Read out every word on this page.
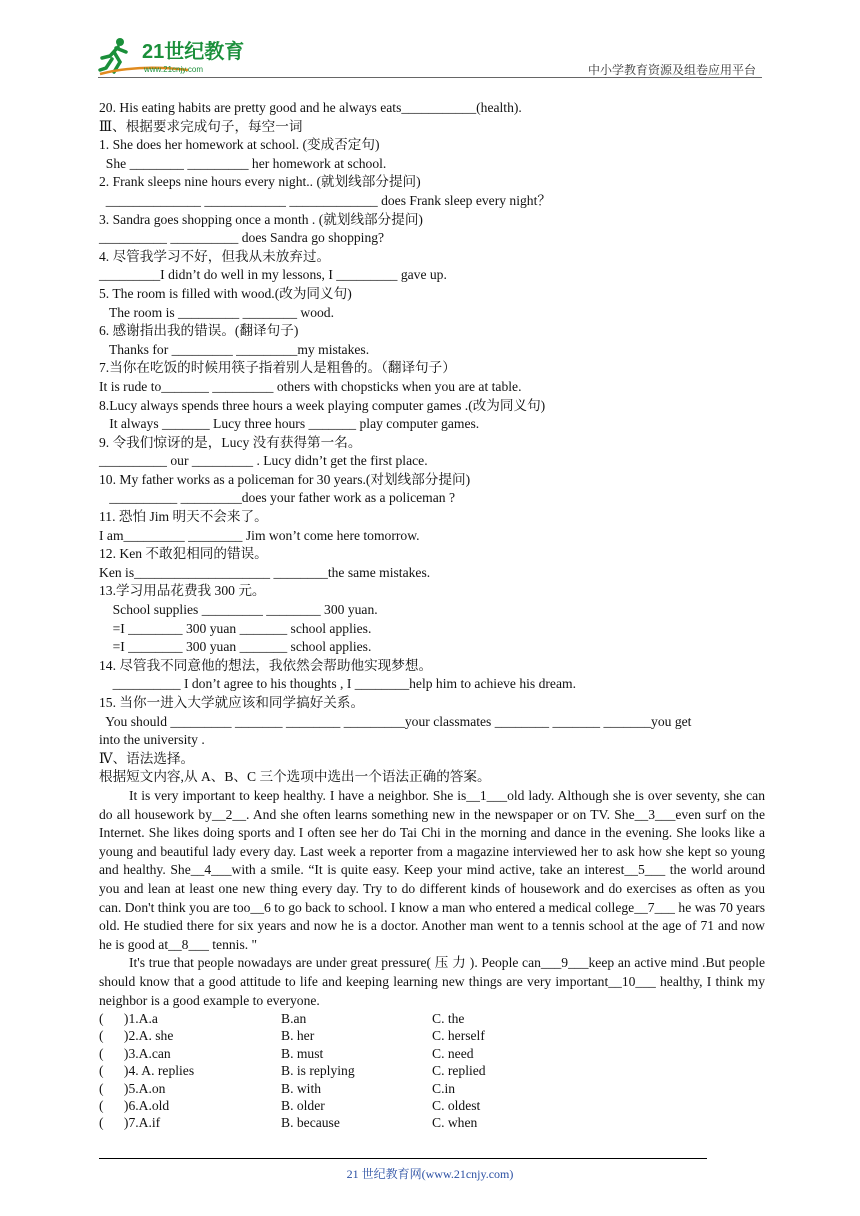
21世纪教育
www.21cnjy.com	中小学教育资源及组卷应用平台
20. His eating habits are pretty good and he always eats___________(health).
Ⅲ、根据要求完成句子，每空一词
1. She does her homework at school. (变成否定句)
She ________ _________ her homework at school.
2. Frank sleeps nine hours every night.. (就划线部分提问)
______________ ____________ _____________ does Frank sleep every night？
3. Sandra goes shopping once a month . (就划线部分提问)
__________ __________ does Sandra go shopping?
4. 尽管我学习不好，但我从未放弃过。
_________I didn’t do well in my lessons, I _________ gave up.
5. The room is filled with wood.(改为同义句)
The room is _________ ________ wood.
6. 感谢指出我的错误。(翻译句子)
Thanks for _________ _________my mistakes.
7.当你在吃饭的时候用筷子指着别人是粗鲁的。（翻译句子）
It is rude to_______ _________ others with chopsticks when you are at table.
8.Lucy always spends three hours a week playing computer games .(改为同义句)
It always _______ Lucy three hours _______ play computer games.
9. 令我们惊讶的是，Lucy 没有获得第一名。
__________ our _________ . Lucy didn’t get the first place.
10. My father works as a policeman for 30 years.(对划线部分提问)
__________ _________does your father work as a policeman ?
11. 恐怕 Jim 明天不会来了。
I am_________ ________ Jim won’t come here tomorrow.
12. Ken 不敢犯相同的错误。
Ken is____________________ ________the same mistakes.
13.学习用品花费我 300 元。
School supplies _________ ________ 300 yuan.
=I ________ 300 yuan _______ school applies.
=I ________ 300 yuan _______ school applies.
14. 尽管我不同意他的想法，我依然会帮助他实现梦想。
__________ I don’t agree to his thoughts , I ________help him to achieve his dream.
15. 当你一进入大学就应该和同学搞好关系。
You should _________ _______ ________ _________your classmates ________ _______ _______you get
into the university .
Ⅳ、语法选择。
根据短文内容,从 A、B、C 三个选项中选出一个语法正确的答案。
It is very important to keep healthy. I have a neighbor. She is__1___old lady. Although she is over seventy, she can do all housework by__2__. And she often learns something new in the newspaper or on TV. She__3___even surf on the Internet. She likes doing sports and I often see her do Tai Chi in the morning and dance in the evening. She looks like a young and beautiful lady every day. Last week a reporter from a magazine interviewed her to ask how she kept so young and healthy. She__4___with a smile. “It is quite easy. Keep your mind active, take an interest__5___ the world around you and lean at least one new thing every day. Try to do different kinds of housework and do exercises as often as you can. Don't think you are too__6 to go back to school. I know a man who entered a medical college__7___ he was 70 years old. He studied there for six years and now he is a doctor. Another man went to a tennis school at the age of 71 and now he is good at__8___ tennis. "
It's true that people nowadays are under great pressure( 压 力 ). People can___9___keep an active mind .But people should know that a good attitude to life and keeping learning new things are very important__10___ healthy, I think my neighbor is a good example to everyone.
(      )1.A.a	B.an	C. the
(      )2.A. she	B. her	C. herself
(      )3.A.can	B. must	C. need
(      )4. A. replies	B. is replying	C. replied
(      )5.A.on	B. with	C.in
(      )6.A.old	B. older	C. oldest
(      )7.A.if	B. because	C. when
21 世纪教育网(www.21cnjy.com)
